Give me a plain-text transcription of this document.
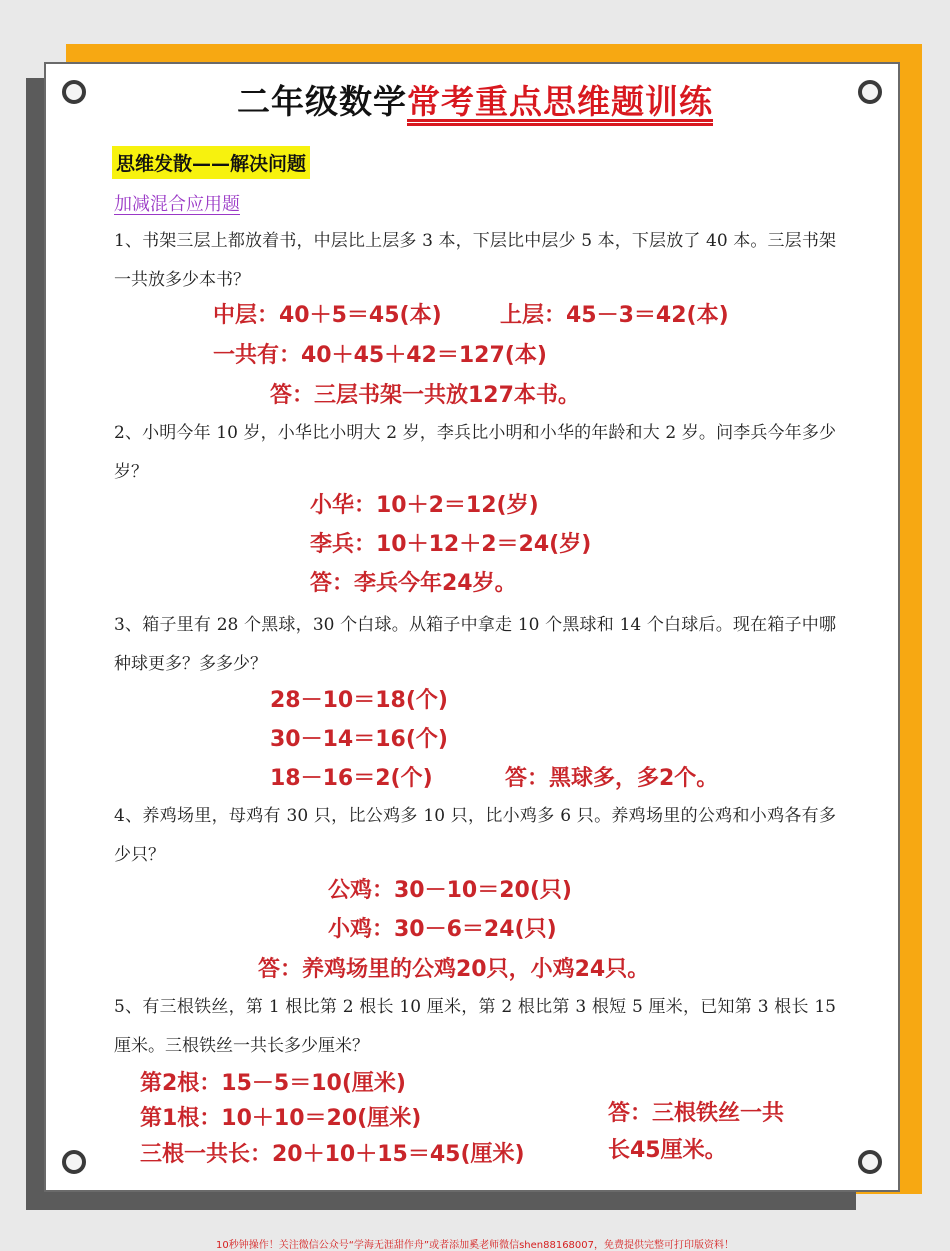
二年级数学常考重点思维题训练
思维发散——解决问题
加减混合应用题
1、书架三层上都放着书，中层比上层多 3 本，下层比中层少 5 本，下层放了 40 本。三层书架一共放多少本书？
中层：40＋5＝45(本)	上层：45－3＝42(本)
一共有：40＋45＋42＝127(本)
答：三层书架一共放127本书。
2、小明今年 10 岁，小华比小明大 2 岁，李兵比小明和小华的年龄和大 2 岁。问李兵今年多少岁？
小华：10＋2＝12(岁)
李兵：10＋12＋2＝24(岁)
答：李兵今年24岁。
3、箱子里有 28 个黑球，30 个白球。从箱子中拿走 10 个黑球和 14 个白球后。现在箱子中哪种球更多？多多少？
28－10＝18(个)
30－14＝16(个)
18－16＝2(个)	答：黑球多，多2个。
4、养鸡场里，母鸡有 30 只，比公鸡多 10 只，比小鸡多 6 只。养鸡场里的公鸡和小鸡各有多少只？
公鸡：30－10＝20(只)
小鸡：30－6＝24(只)
答：养鸡场里的公鸡20只，小鸡24只。
5、有三根铁丝，第 1 根比第 2 根长 10 厘米，第 2 根比第 3 根短 5 厘米，已知第 3 根长 15 厘米。三根铁丝一共长多少厘米？
第2根：15－5＝10(厘米)
第1根：10＋10＝20(厘米)
三根一共长：20＋10＋15＝45(厘米)
答：三根铁丝一共
长45厘米。
10秒钟操作！关注微信公众号“学海无涯甜作舟”或者添加奚老师微信shen88168007，免费提供完整可打印版资料！
